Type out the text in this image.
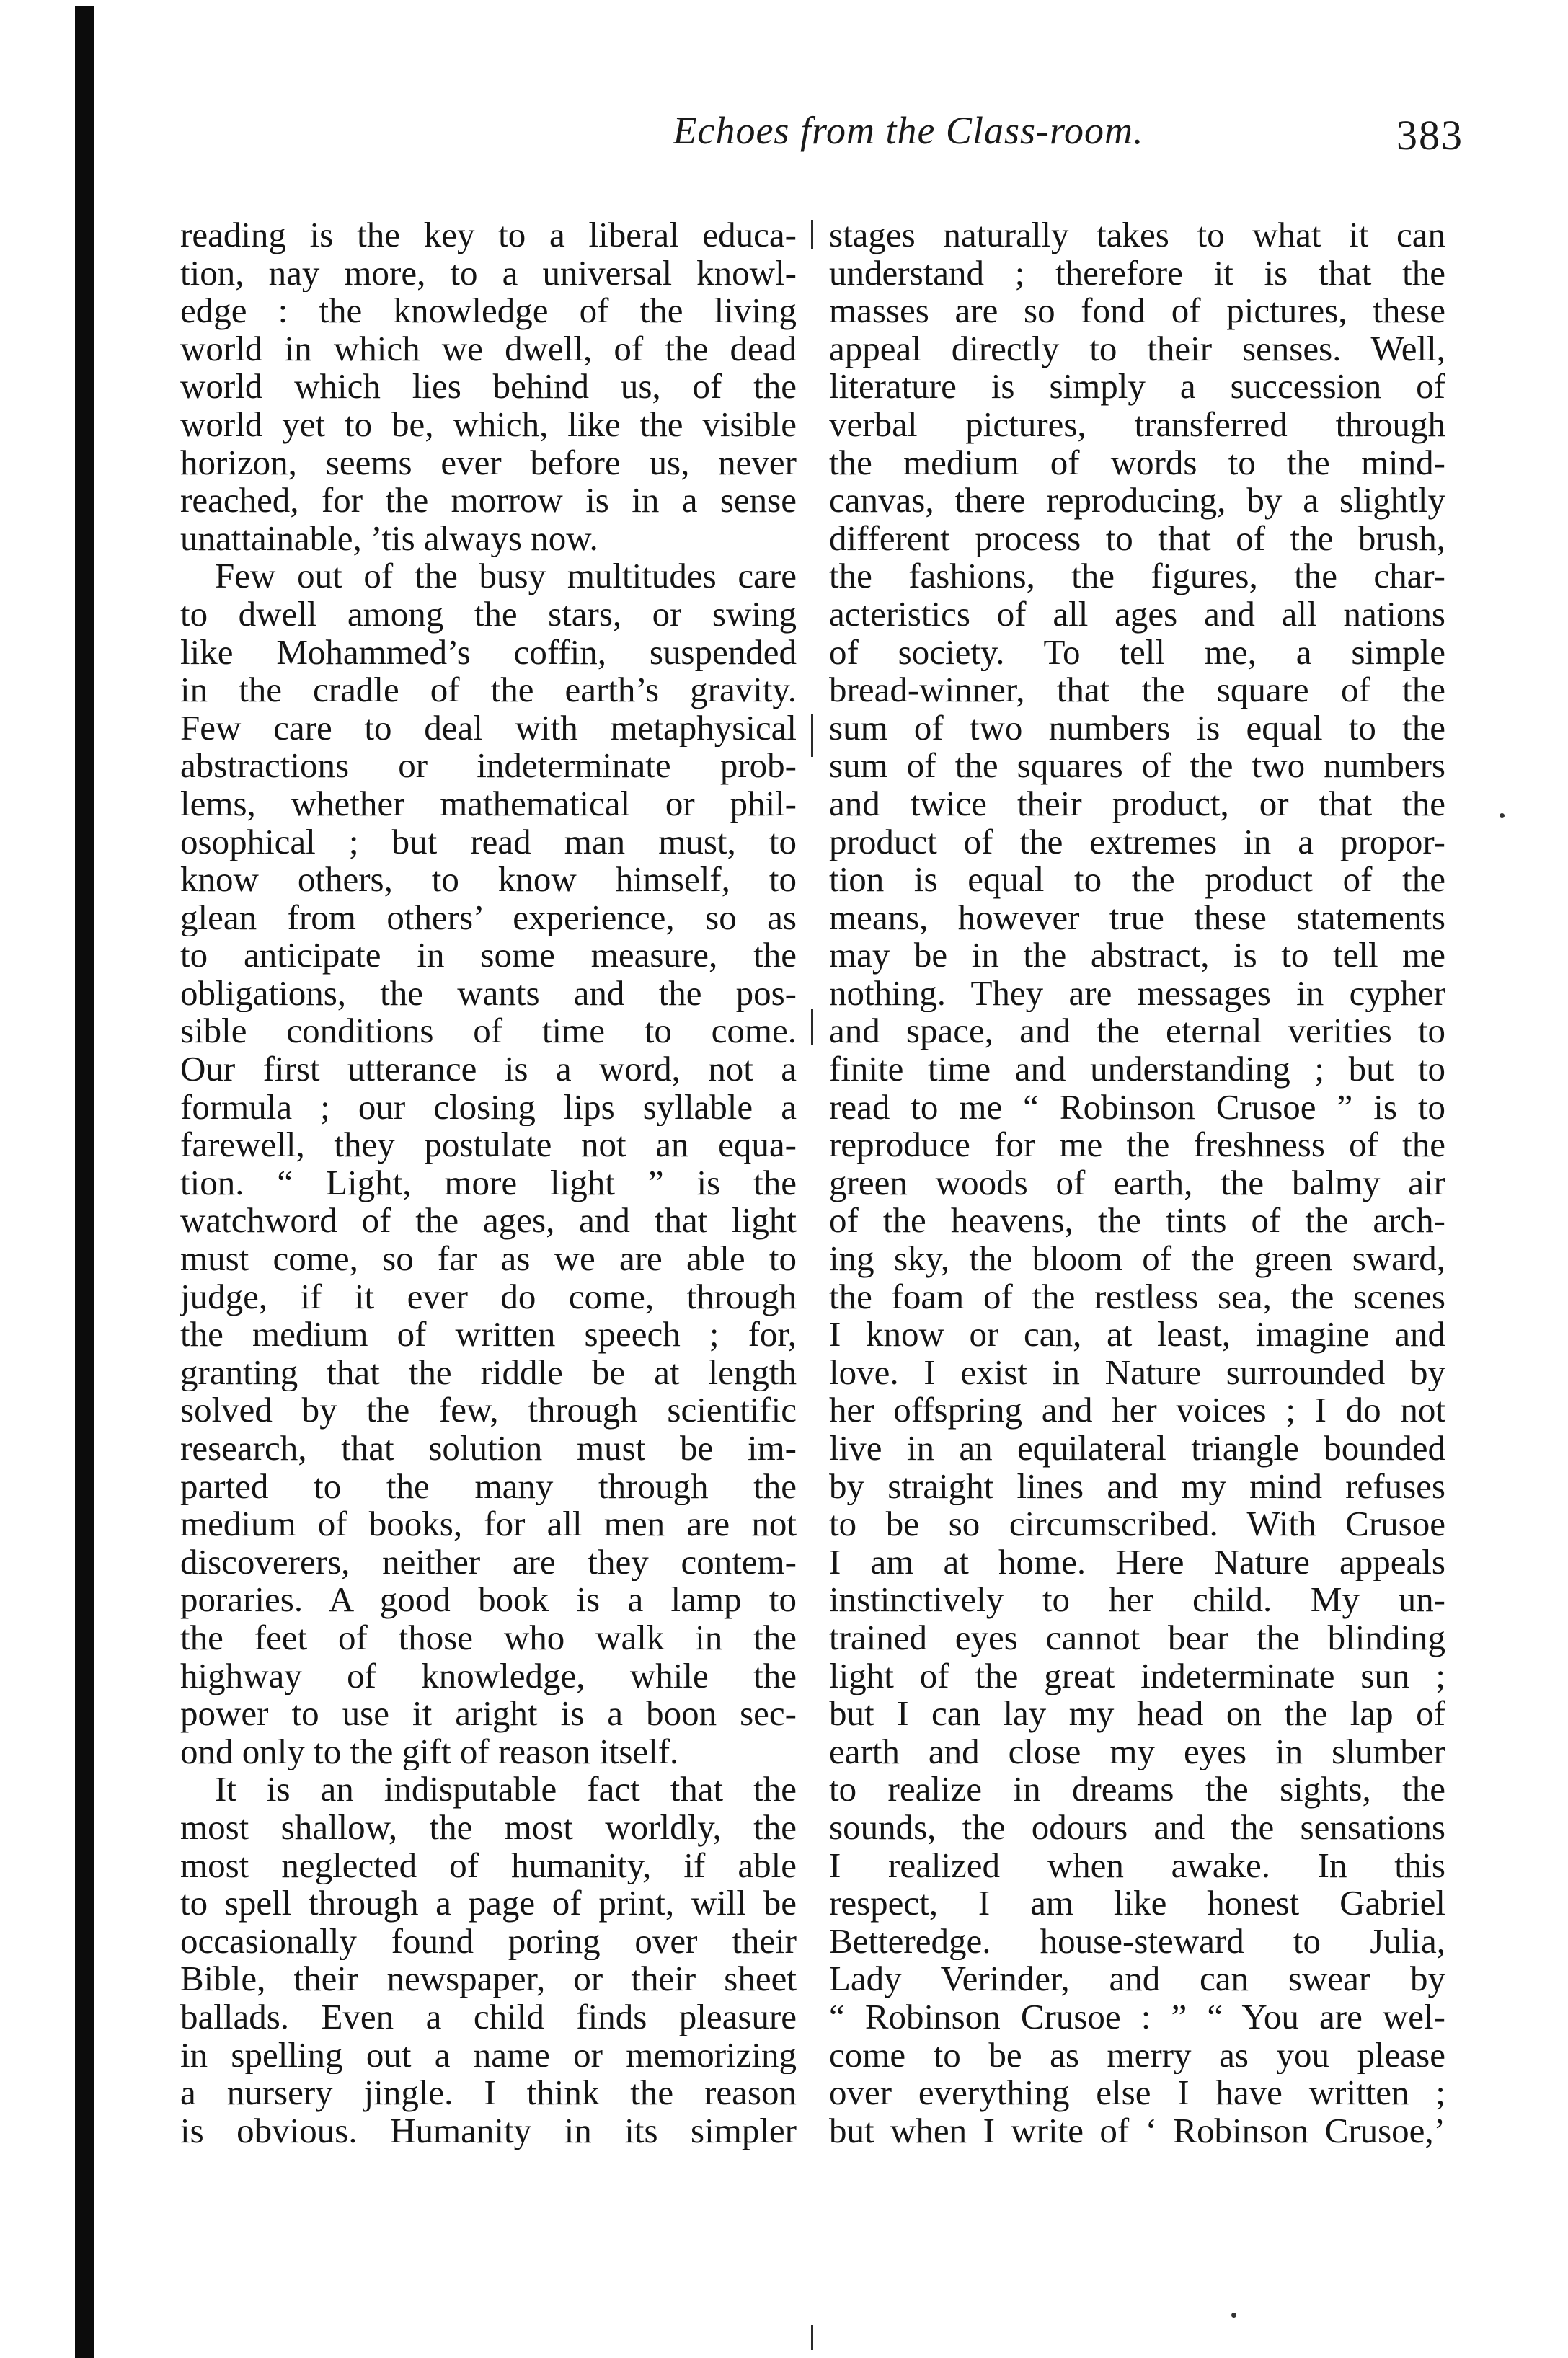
Echoes from the Class-room.	383
reading is the key to a liberal educa-
tion, nay more, to a universal knowl-
edge : the knowledge of the living
world in which we dwell, of the dead
world which lies behind us, of the
world yet to be, which, like the visible
horizon, seems ever before us, never
reached, for the morrow is in a sense
unattainable, ’tis always now.
Few out of the busy multitudes care
to dwell among the stars, or swing
like Mohammed’s coffin, suspended
in the cradle of the earth’s gravity.
Few care to deal with metaphysical
abstractions or indeterminate prob-
lems, whether mathematical or phil-
osophical ; but read man must, to
know others, to know himself, to
glean from others’ experience, so as
to anticipate in some measure, the
obligations, the wants and the pos-
sible conditions of time to come.
Our first utterance is a word, not a
formula ; our closing lips syllable a
farewell, they postulate not an equa-
tion. “ Light, more light ” is the
watchword of the ages, and that light
must come, so far as we are able to
judge, if it ever do come, through
the medium of written speech ; for,
granting that the riddle be at length
solved by the few, through scientific
research, that solution must be im-
parted to the many through the
medium of books, for all men are not
discoverers, neither are they contem-
poraries. A good book is a lamp to
the feet of those who walk in the
highway of knowledge, while the
power to use it aright is a boon sec-
ond only to the gift of reason itself.
It is an indisputable fact that the
most shallow, the most worldly, the
most neglected of humanity, if able
to spell through a page of print, will be
occasionally found poring over their
Bible, their newspaper, or their sheet
ballads. Even a child finds pleasure
in spelling out a name or memorizing
a nursery jingle. I think the reason
is obvious. Humanity in its simpler
stages naturally takes to what it can
understand ; therefore it is that the
masses are so fond of pictures, these
appeal directly to their senses. Well,
literature is simply a succession of
verbal pictures, transferred through
the medium of words to the mind-
canvas, there reproducing, by a slightly
different process to that of the brush,
the fashions, the figures, the char-
acteristics of all ages and all nations
of society. To tell me, a simple
bread-winner, that the square of the
sum of two numbers is equal to the
sum of the squares of the two numbers
and twice their product, or that the
product of the extremes in a propor-
tion is equal to the product of the
means, however true these statements
may be in the abstract, is to tell me
nothing. They are messages in cypher
and space, and the eternal verities to
finite time and understanding ; but to
read to me “ Robinson Crusoe ” is to
reproduce for me the freshness of the
green woods of earth, the balmy air
of the heavens, the tints of the arch-
ing sky, the bloom of the green sward,
the foam of the restless sea, the scenes
I know or can, at least, imagine and
love. I exist in Nature surrounded by
her offspring and her voices ; I do not
live in an equilateral triangle bounded
by straight lines and my mind refuses
to be so circumscribed. With Crusoe
I am at home. Here Nature appeals
instinctively to her child. My un-
trained eyes cannot bear the blinding
light of the great indeterminate sun ;
but I can lay my head on the lap of
earth and close my eyes in slumber
to realize in dreams the sights, the
sounds, the odours and the sensations
I realized when awake. In this
respect, I am like honest Gabriel
Betteredge. house-steward to Julia,
Lady Verinder, and can swear by
“ Robinson Crusoe : ” “ You are wel-
come to be as merry as you please
over everything else I have written ;
but when I write of ‘ Robinson Crusoe,’
